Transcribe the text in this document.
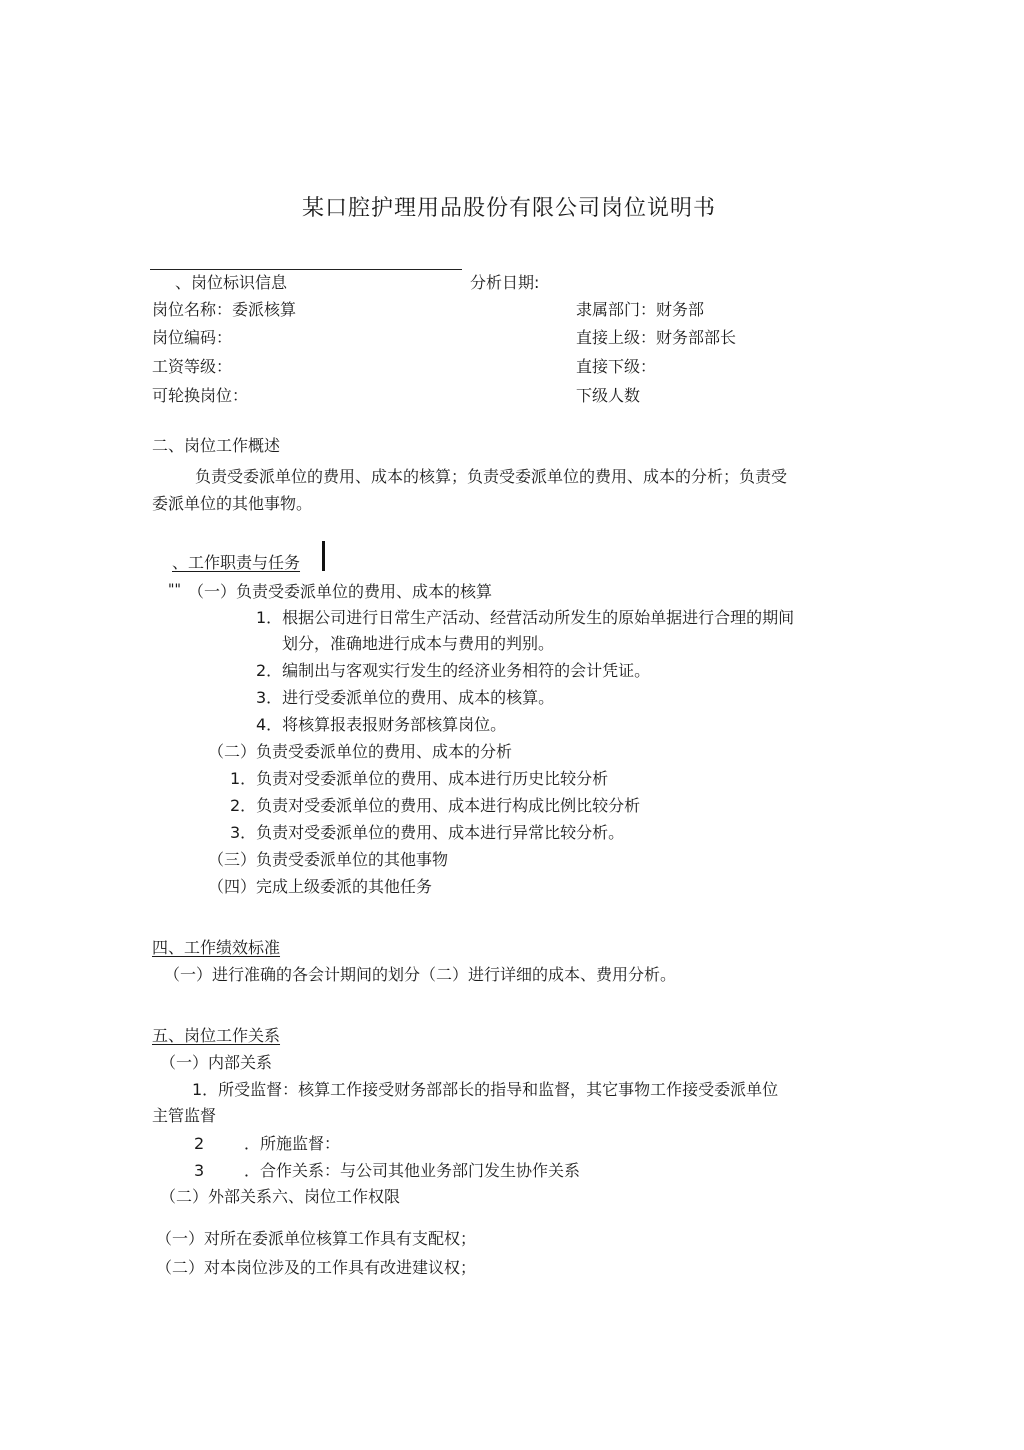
某口腔护理用品股份有限公司岗位说明书
、岗位标识信息	分析日期:
岗位名称：委派核算
岗位编码：
工资等级：
可轮换岗位：
隶属部门：财务部
直接上级：财务部部长
直接下级：
下级人数
二、岗位工作概述
负责受委派单位的费用、成本的核算；负责受委派单位的费用、成本的分析；负责受
委派单位的其他事物。
、工作职责与任务
"" （一）负责受委派单位的费用、成本的核算
1．根据公司进行日常生产活动、经营活动所发生的原始单据进行合理的期间
划分，准确地进行成本与费用的判别。
2．编制出与客观实行发生的经济业务相符的会计凭证。
3．进行受委派单位的费用、成本的核算。
4．将核算报表报财务部核算岗位。
（二）负责受委派单位的费用、成本的分析
1．负责对受委派单位的费用、成本进行历史比较分析
2．负责对受委派单位的费用、成本进行构成比例比较分析
3．负责对受委派单位的费用、成本进行异常比较分析。
（三）负责受委派单位的其他事物
（四）完成上级委派的其他任务
四、工作绩效标准
（一）进行准确的各会计期间的划分（二）进行详细的成本、费用分析。
五、岗位工作关系
（一）内部关系
1．所受监督：核算工作接受财务部部长的指导和监督，其它事物工作接受委派单位
主管监督
2 ．所施监督：
3 ．合作关系：与公司其他业务部门发生协作关系
（二）外部关系六、岗位工作权限
（一）对所在委派单位核算工作具有支配权；
（二）对本岗位涉及的工作具有改进建议权；
